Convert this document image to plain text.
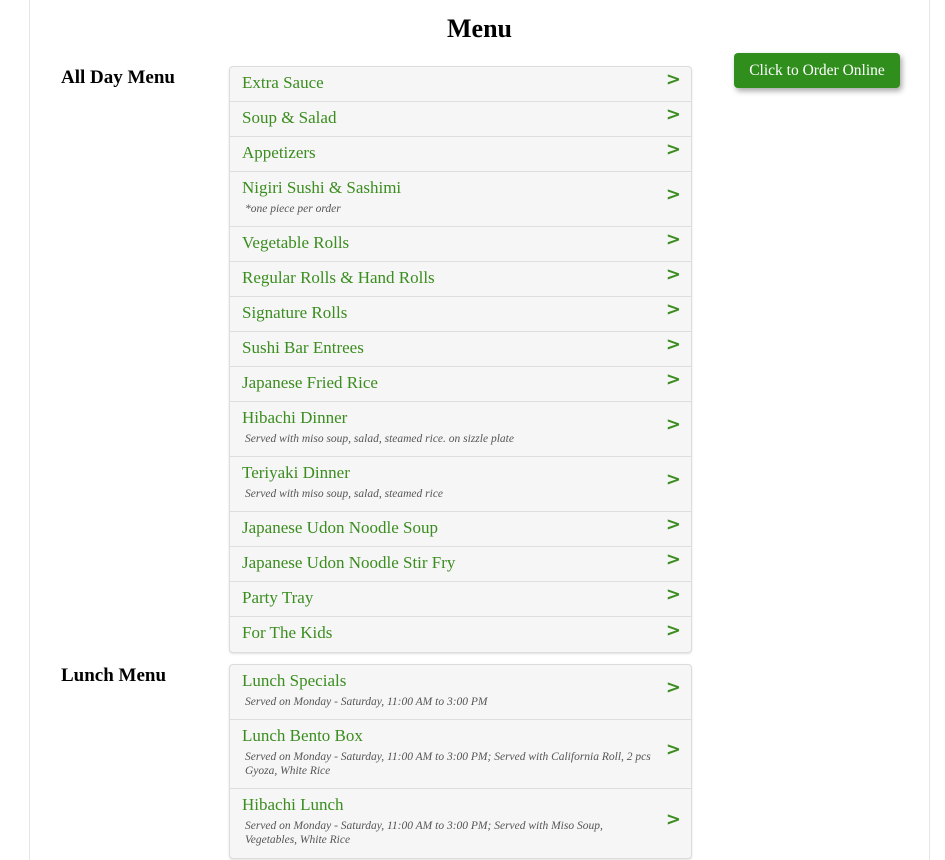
Menu
All Day Menu	Extra Sauce	>
Soup & Salad	>
Appetizers	>
Nigiri Sushi & Sashimi
*one piece per order
>
Vegetable Rolls	>
Regular Rolls & Hand Rolls	>
Signature Rolls	>
Sushi Bar Entrees	>
Japanese Fried Rice	>
Hibachi Dinner
Served with miso soup, salad, steamed rice. on sizzle plate
>
Teriyaki Dinner
Served with miso soup, salad, steamed rice
>
Japanese Udon Noodle Soup	>
Japanese Udon Noodle Stir Fry	>
Party Tray	>
For The Kids	>
Lunch Menu	Lunch Specials
Served on Monday - Saturday, 11:00 AM to 3:00 PM
>
Lunch Bento Box
Served on Monday - Saturday, 11:00 AM to 3:00 PM; Served with California Roll, 2 pcs Gyoza, White Rice
>
Hibachi Lunch
Served on Monday - Saturday, 11:00 AM to 3:00 PM; Served with Miso Soup, Vegetables, White Rice
>
Click to Order Online
